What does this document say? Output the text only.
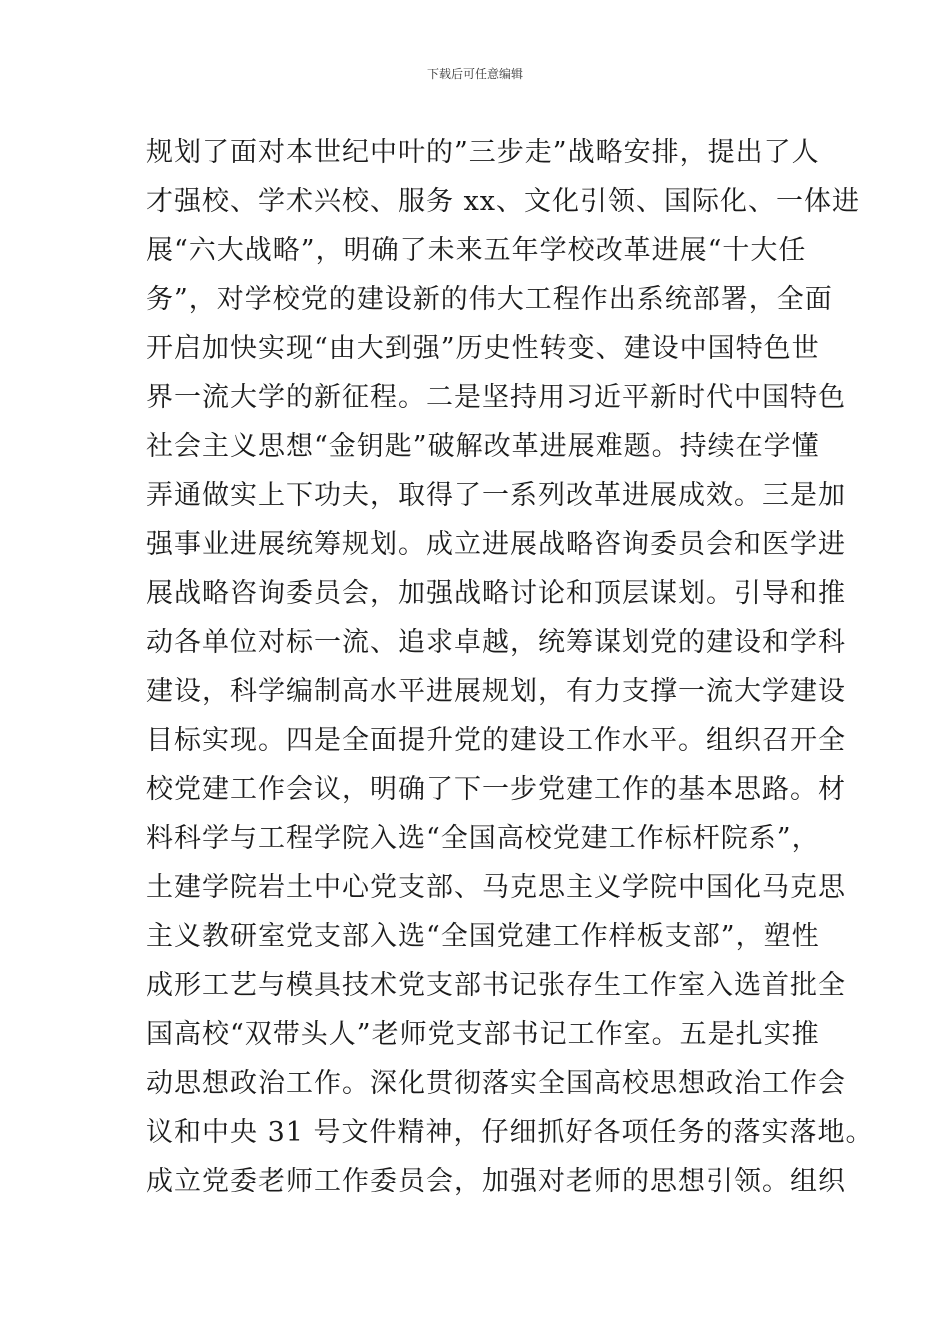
下载后可任意编辑
规划了面对本世纪中叶的”三步走”战略安排，提出了人
才强校、学术兴校、服务 xx、文化引领、国际化、一体进
展“六大战略”，明确了未来五年学校改革进展“十大任
务”，对学校党的建设新的伟大工程作出系统部署，全面
开启加快实现“由大到强”历史性转变、建设中国特色世
界一流大学的新征程。二是坚持用习近平新时代中国特色
社会主义思想“金钥匙”破解改革进展难题。持续在学懂
弄通做实上下功夫，取得了一系列改革进展成效。三是加
强事业进展统筹规划。成立进展战略咨询委员会和医学进
展战略咨询委员会，加强战略讨论和顶层谋划。引导和推
动各单位对标一流、追求卓越，统筹谋划党的建设和学科
建设，科学编制高水平进展规划，有力支撑一流大学建设
目标实现。四是全面提升党的建设工作水平。组织召开全
校党建工作会议，明确了下一步党建工作的基本思路。材
料科学与工程学院入选“全国高校党建工作标杆院系”，
土建学院岩土中心党支部、马克思主义学院中国化马克思
主义教研室党支部入选“全国党建工作样板支部”，塑性
成形工艺与模具技术党支部书记张存生工作室入选首批全
国高校“双带头人”老师党支部书记工作室。五是扎实推
动思想政治工作。深化贯彻落实全国高校思想政治工作会
议和中央 31 号文件精神，仔细抓好各项任务的落实落地。
成立党委老师工作委员会，加强对老师的思想引领。组织
